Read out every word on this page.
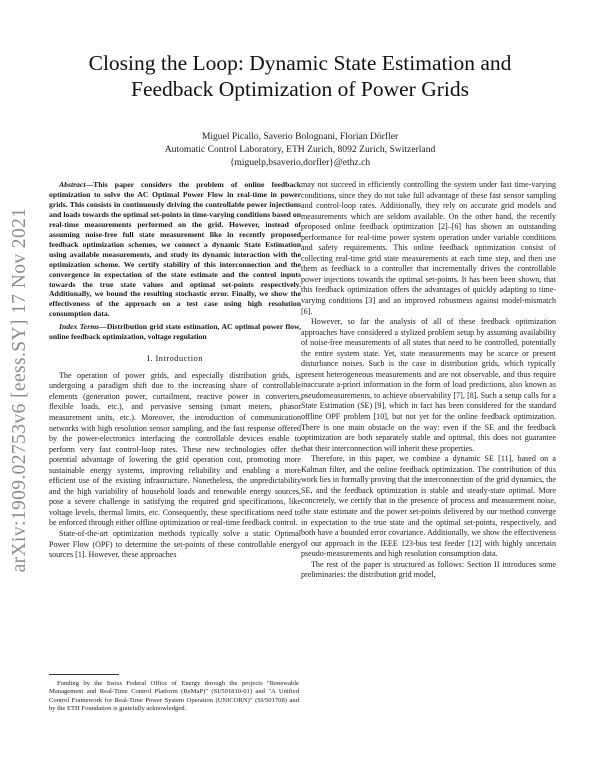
arXiv:1909.02753v6 [eess.SY] 17 Nov 2021
Closing the Loop: Dynamic State Estimation and
Feedback Optimization of Power Grids
Miguel Picallo, Saverio Bolognani, Florian Dörfler
Automatic Control Laboratory, ETH Zurich, 8092 Zurich, Switzerland
{miguelp,bsaverio,dorfler}@ethz.ch

Abstract—This paper considers the problem of online feedback optimization to solve the AC Optimal Power Flow in real-time in power grids. This consists in continuously driving the controllable power injections and loads towards the optimal set-points in time-varying conditions based on real-time measurements performed on the grid. However, instead of assuming noise-free full state measurement like in recently proposed feedback optimization schemes, we connect a dynamic State Estimation using available measurements, and study its dynamic interaction with the optimization scheme. We certify stability of this interconnection and the convergence in expectation of the state estimate and the control inputs towards the true state values and optimal set-points respectively. Additionally, we bound the resulting stochastic error. Finally, we show the effectiveness of the approach on a test case using high resolution consumption data.

Index Terms—Distribution grid state estimation, AC optimal power flow, online feedback optimization, voltage regulation

I. Introduction

The operation of power grids, and especially distribution grids, is undergoing a paradigm shift due to the increasing share of controllable elements (generation power, curtailment, reactive power in converters, flexible loads, etc.), and pervasive sensing (smart meters, phasor measurement units, etc.). Moreover, the introduction of communication networks with high resolution sensor sampling, and the fast response offered by the power-electronics interfacing the controllable devices enable to perform very fast control-loop rates. These new technologies offer the potential advantage of lowering the grid operation cost, promoting more sustainable energy systems, improving reliability and enabling a more efficient use of the existing infrastructure. Nonetheless, the unpredictability and the high variability of household loads and renewable energy sources, pose a severe challenge in satisfying the required grid specifications, like voltage levels, thermal limits, etc. Consequently, these specifications need to be enforced through either offline optimization or real-time feedback control.

State-of-the-art optimization methods typically solve a static Optimal Power Flow (OPF) to determine the set-points of these controllable energy sources [1]. However, these approaches

Funding by the Swiss Federal Office of Energy through the projects "Renewable Management and Real-Time Control Platform (ReMaP)" (SI/501810-01) and "A Unified Control Framework for Real-Time Power System Operation (UNICORN)" (SI/501708) and by the ETH Foundation is gratefully acknowledged.

may not succeed in efficiently controlling the system under fast time-varying conditions, since they do not take full advantage of these fast sensor sampling and control-loop rates. Additionally, they rely on accurate grid models and measurements which are seldom available. On the other hand, the recently proposed online feedback optimization [2]–[6] has shown an outstanding performance for real-time power system operation under variable conditions and safety requirements. This online feedback optimization consist of collecting real-time grid state measurements at each time step, and then use them as feedback to a controller that incrementally drives the controllable power injections towards the optimal set-points. It has been been shown, that this feedback optimization offers the advantages of quickly adapting to time-varying conditions [3] and an improved robustness against model-mismatch [6].

However, so far the analysis of all of these feedback optimization approaches have considered a stylized problem setup by assuming availability of noise-free measurements of all states that need to be controlled, potentially the entire system state. Yet, state measurements may be scarce or present disturbance noises. Such is the case in distribution grids, which typically present heterogeneous measurements and are not observable, and thus require inaccurate a-priori information in the form of load predictions, also known as pseudomeasurements, to achieve observability [7], [8]. Such a setup calls for a State Estimation (SE) [9], which in fact has been considered for the standard offline OPF problem [10], but not yet for the online feedback optimization. There is one main obstacle on the way: even if the SE and the feedback optimization are both separately stable and optimal, this does not guarantee that their interconnection will inherit these properties.

Therefore, in this paper, we combine a dynamic SE [11], based on a Kalman filter, and the online feedback optimization. The contribution of this work lies in formally proving that the interconnection of the grid dynamics, the SE, and the feedback optimization is stable and steady-state optimal. More concretely, we certify that in the presence of process and measurement noise, the state estimate and the power set-points delivered by our method converge in expectation to the true state and the optimal set-points, respectively, and both have a bounded error covariance. Additionally, we show the effectiveness of our approach in the IEEE 123-bus test feeder [12] with highly uncertain pseudo-measurements and high resolution consumption data.

The rest of the paper is structured as follows: Section II introduces some preliminaries: the distribution grid model,
